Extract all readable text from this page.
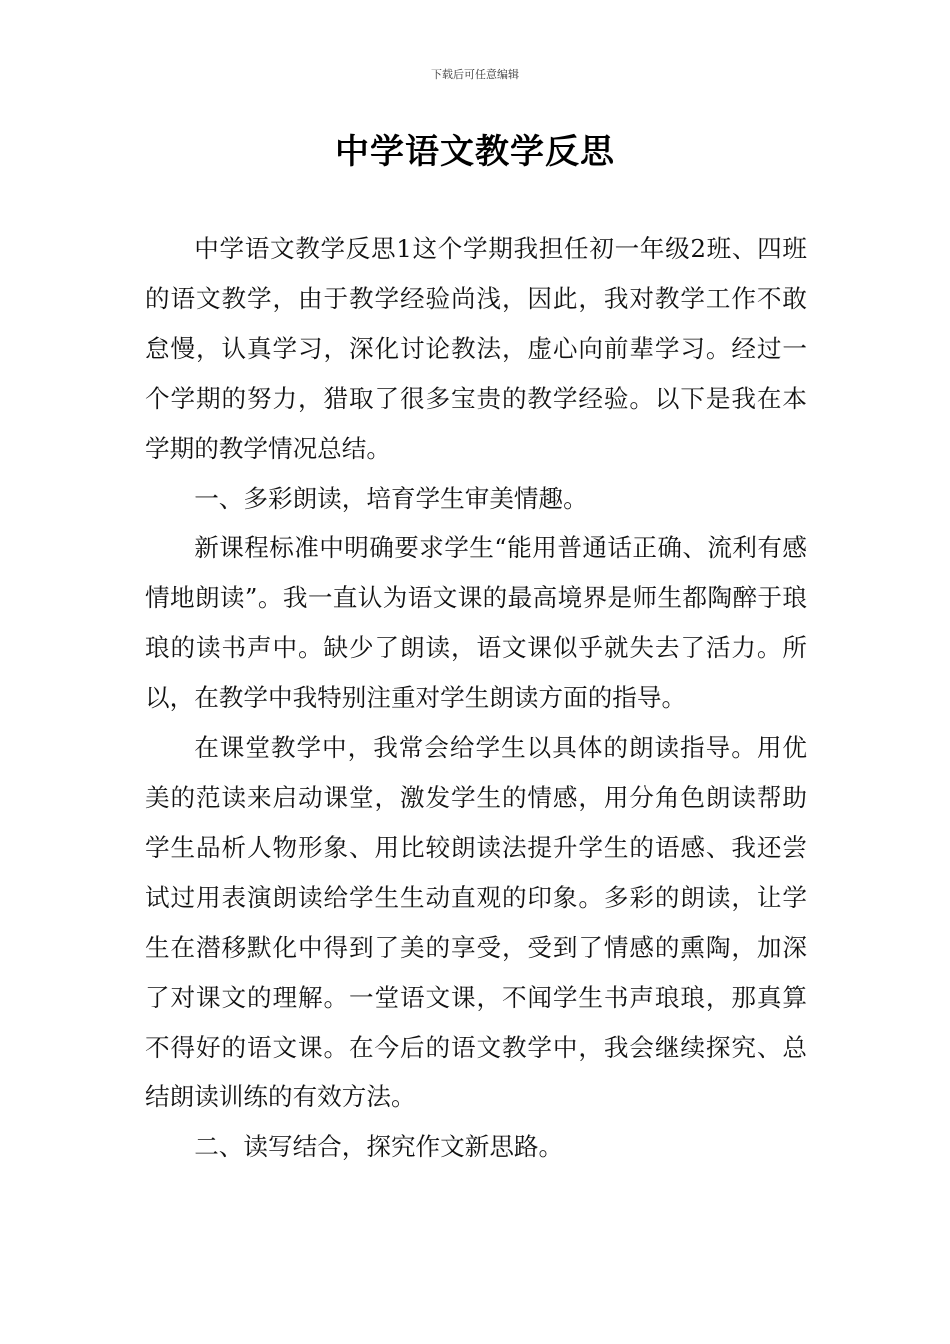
下载后可任意编辑
中学语文教学反思

中学语文教学反思1这个学期我担任初一年级2班、四班的语文教学，由于教学经验尚浅，因此，我对教学工作不敢怠慢，认真学习，深化讨论教法，虚心向前辈学习。经过一个学期的努力，猎取了很多宝贵的教学经验。以下是我在本学期的教学情况总结。

一、多彩朗读，培育学生审美情趣。

新课程标准中明确要求学生“能用普通话正确、流利有感情地朗读”。我一直认为语文课的最高境界是师生都陶醉于琅琅的读书声中。缺少了朗读，语文课似乎就失去了活力。所以，在教学中我特别注重对学生朗读方面的指导。

在课堂教学中，我常会给学生以具体的朗读指导。用优美的范读来启动课堂，激发学生的情感，用分角色朗读帮助学生品析人物形象、用比较朗读法提升学生的语感、我还尝试过用表演朗读给学生生动直观的印象。多彩的朗读，让学生在潜移默化中得到了美的享受，受到了情感的熏陶，加深了对课文的理解。一堂语文课，不闻学生书声琅琅，那真算不得好的语文课。在今后的语文教学中，我会继续探究、总结朗读训练的有效方法。

二、读写结合，探究作文新思路。
